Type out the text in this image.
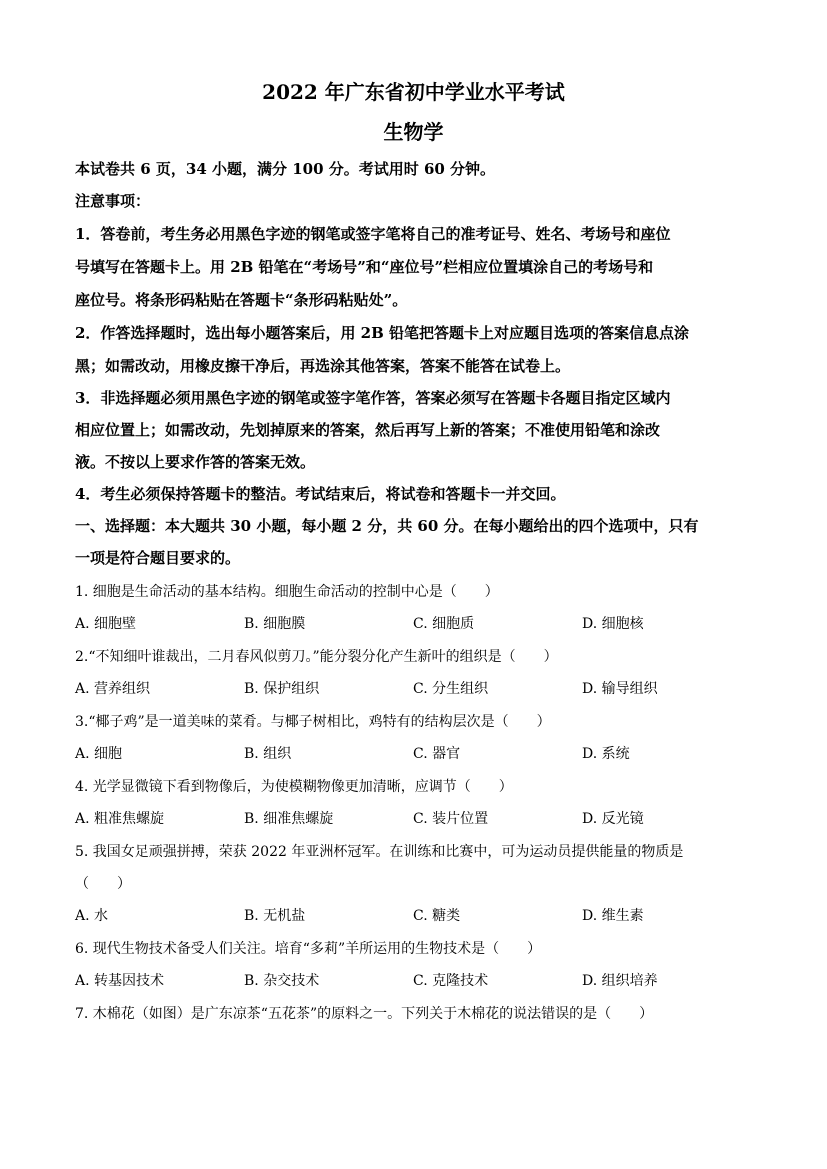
2022 年广东省初中学业水平考试
生物学
本试卷共 6 页，34 小题，满分 100 分。考试用时 60 分钟。
注意事项：
1．答卷前，考生务必用黑色字迹的钢笔或签字笔将自己的准考证号、姓名、考场号和座位
号填写在答题卡上。用 2B 铅笔在“考场号”和“座位号”栏相应位置填涂自己的考场号和
座位号。将条形码粘贴在答题卡“条形码粘贴处”。
2．作答选择题时，选出每小题答案后，用 2B 铅笔把答题卡上对应题目选项的答案信息点涂
黑；如需改动，用橡皮擦干净后，再选涂其他答案，答案不能答在试卷上。
3．非选择题必须用黑色字迹的钢笔或签字笔作答，答案必须写在答题卡各题目指定区域内
相应位置上；如需改动，先划掉原来的答案，然后再写上新的答案；不准使用铅笔和涂改
液。不按以上要求作答的答案无效。
4．考生必须保持答题卡的整洁。考试结束后，将试卷和答题卡一并交回。
一、选择题：本大题共 30 小题，每小题 2 分，共 60 分。在每小题给出的四个选项中，只有
一项是符合题目要求的。
1. 细胞是生命活动的基本结构。细胞生命活动的控制中心是（　　）
A. 细胞壁	B. 细胞膜	C. 细胞质	D. 细胞核
2.“不知细叶谁裁出，二月春风似剪刀。”能分裂分化产生新叶的组织是（　　）
A. 营养组织	B. 保护组织	C. 分生组织	D. 输导组织
3.“椰子鸡”是一道美味的菜肴。与椰子树相比，鸡特有的结构层次是（　　）
A. 细胞	B. 组织	C. 器官	D. 系统
4. 光学显微镜下看到物像后，为使模糊物像更加清晰，应调节（　　）
A. 粗准焦螺旋	B. 细准焦螺旋	C. 装片位置	D. 反光镜
5. 我国女足顽强拼搏，荣获 2022 年亚洲杯冠军。在训练和比赛中，可为运动员提供能量的物质是
（　　）
A. 水	B. 无机盐	C. 糖类	D. 维生素
6. 现代生物技术备受人们关注。培育“多莉”羊所运用的生物技术是（　　）
A. 转基因技术	B. 杂交技术	C. 克隆技术	D. 组织培养
7. 木棉花（如图）是广东凉茶“五花茶”的原料之一。下列关于木棉花的说法错误的是（　　）
